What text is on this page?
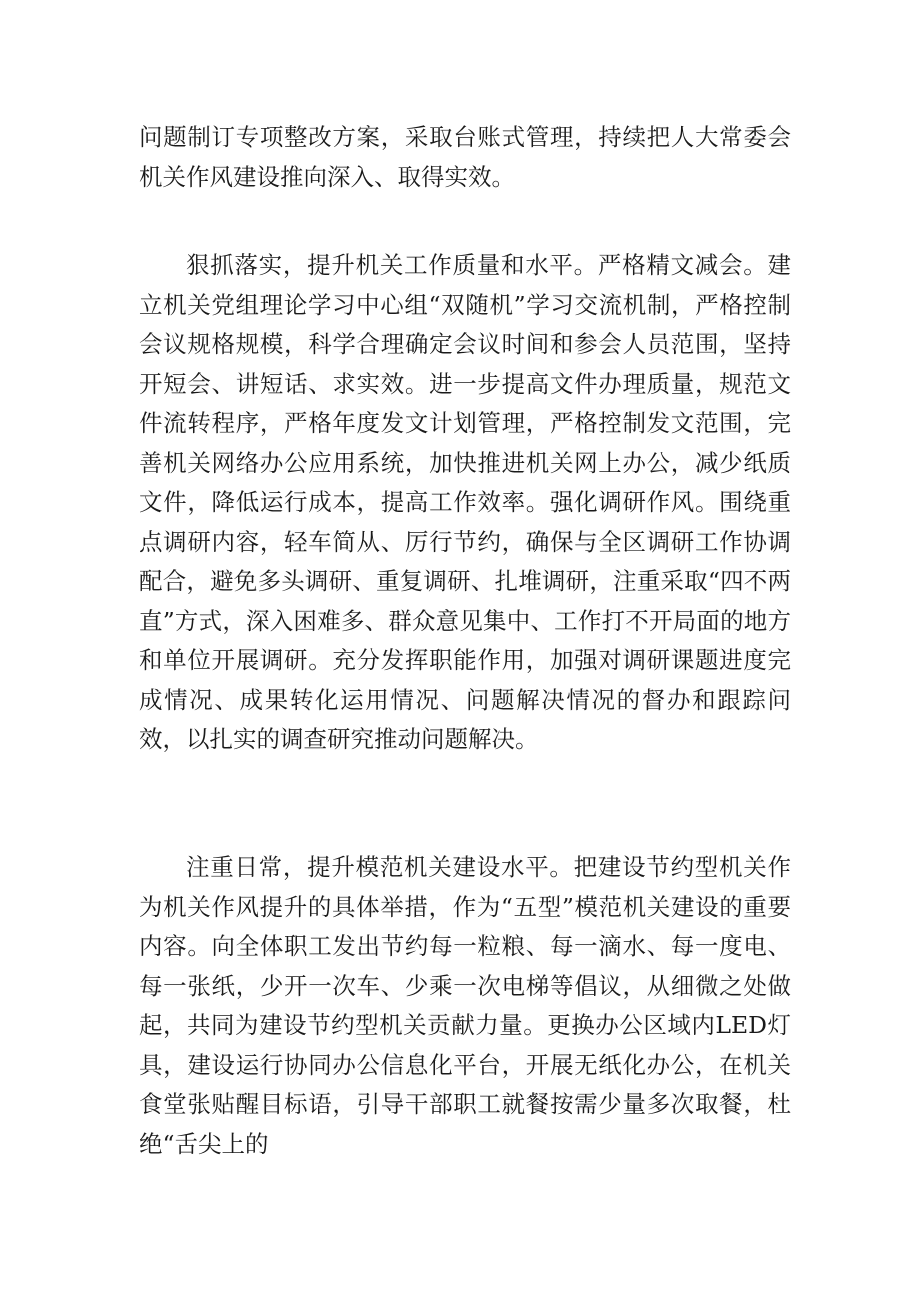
问题制订专项整改方案，采取台账式管理，持续把人大常委会机关作风建设推向深入、取得实效。

狠抓落实，提升机关工作质量和水平。严格精文减会。建立机关党组理论学习中心组“双随机”学习交流机制，严格控制会议规格规模，科学合理确定会议时间和参会人员范围，坚持开短会、讲短话、求实效。进一步提高文件办理质量，规范文件流转程序，严格年度发文计划管理，严格控制发文范围，完善机关网络办公应用系统，加快推进机关网上办公，减少纸质文件，降低运行成本，提高工作效率。强化调研作风。围绕重点调研内容，轻车简从、厉行节约，确保与全区调研工作协调配合，避免多头调研、重复调研、扎堆调研，注重采取“四不两直”方式，深入困难多、群众意见集中、工作打不开局面的地方和单位开展调研。充分发挥职能作用，加强对调研课题进度完成情况、成果转化运用情况、问题解决情况的督办和跟踪问效，以扎实的调查研究推动问题解决。

注重日常，提升模范机关建设水平。把建设节约型机关作为机关作风提升的具体举措，作为“五型”模范机关建设的重要内容。向全体职工发出节约每一粒粮、每一滴水、每一度电、每一张纸，少开一次车、少乘一次电梯等倡议，从细微之处做起，共同为建设节约型机关贡献力量。更换办公区域内LED灯具，建设运行协同办公信息化平台，开展无纸化办公，在机关食堂张贴醒目标语，引导干部职工就餐按需少量多次取餐，杜绝“舌尖上的
